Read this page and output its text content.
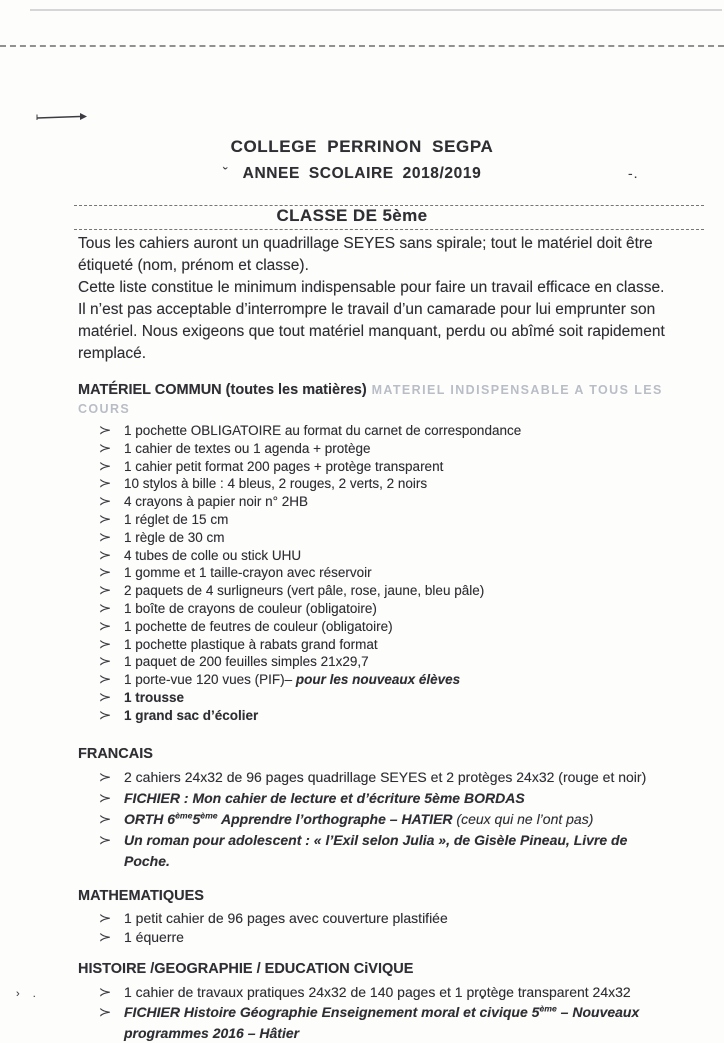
› .
COLLEGE PERRINON SEGPA
ANNEE SCOLAIRE 2018/2019
ˇ	-.
CLASSE DE 5ème

Tous les cahiers auront un quadrillage SEYES sans spirale; tout le matériel doit être étiqueté (nom, prénom et classe).

Cette liste constitue le minimum indispensable pour faire un travail efficace en classe. Il n’est pas acceptable d’interrompre le travail d’un camarade pour lui emprunter son matériel. Nous exigeons que tout matériel manquant, perdu ou abîmé soit rapidement remplacé.

MATÉRIEL COMMUN (toutes les matières) MATERIEL INDISPENSABLE A TOUS LES COURS
≻ 1 pochette OBLIGATOIRE au format du carnet de correspondance
≻ 1 cahier de textes ou 1 agenda + protège
≻ 1 cahier petit format 200 pages + protège transparent
≻ 10 stylos à bille : 4 bleus, 2 rouges, 2 verts, 2 noirs
≻ 4 crayons à papier noir n° 2HB
≻ 1 réglet de 15 cm
≻ 1 règle de 30 cm
≻ 4 tubes de colle ou stick UHU
≻ 1 gomme et 1 taille-crayon avec réservoir
≻ 2 paquets de 4 surligneurs (vert pâle, rose, jaune, bleu pâle)
≻ 1 boîte de crayons de couleur (obligatoire)
≻ 1 pochette de feutres de couleur (obligatoire)
≻ 1 pochette plastique à rabats grand format
≻ 1 paquet de 200 feuilles simples 21x29,7
≻ 1 porte-vue 120 vues (PIF)– pour les nouveaux élèves
≻ 1 trousse
≻ 1 grand sac d’écolier
FRANCAIS
≻ 2 cahiers 24x32 de 96 pages quadrillage SEYES et 2 protèges 24x32 (rouge et noir)
≻ FICHIER : Mon cahier de lecture et d’écriture 5ème BORDAS
≻ ORTH 6ème5ème Apprendre l’orthographe – HATIER (ceux qui ne l’ont pas)
≻ Un roman pour adolescent : « l’Exil selon Julia », de Gisèle Pineau, Livre de Poche.
MATHEMATIQUES
≻ 1 petit cahier de 96 pages avec couverture plastifiée
≻ 1 équerre
HISTOIRE /GEOGRAPHIE / EDUCATION CiVIQUE
≻ 1 cahier de travaux pratiques 24x32 de 140 pages et 1 protège transparent 24x32
≻ FICHIER Histoire Géographie Enseignement moral et civique 5ème – Nouveaux programmes 2016 – Hâtier
